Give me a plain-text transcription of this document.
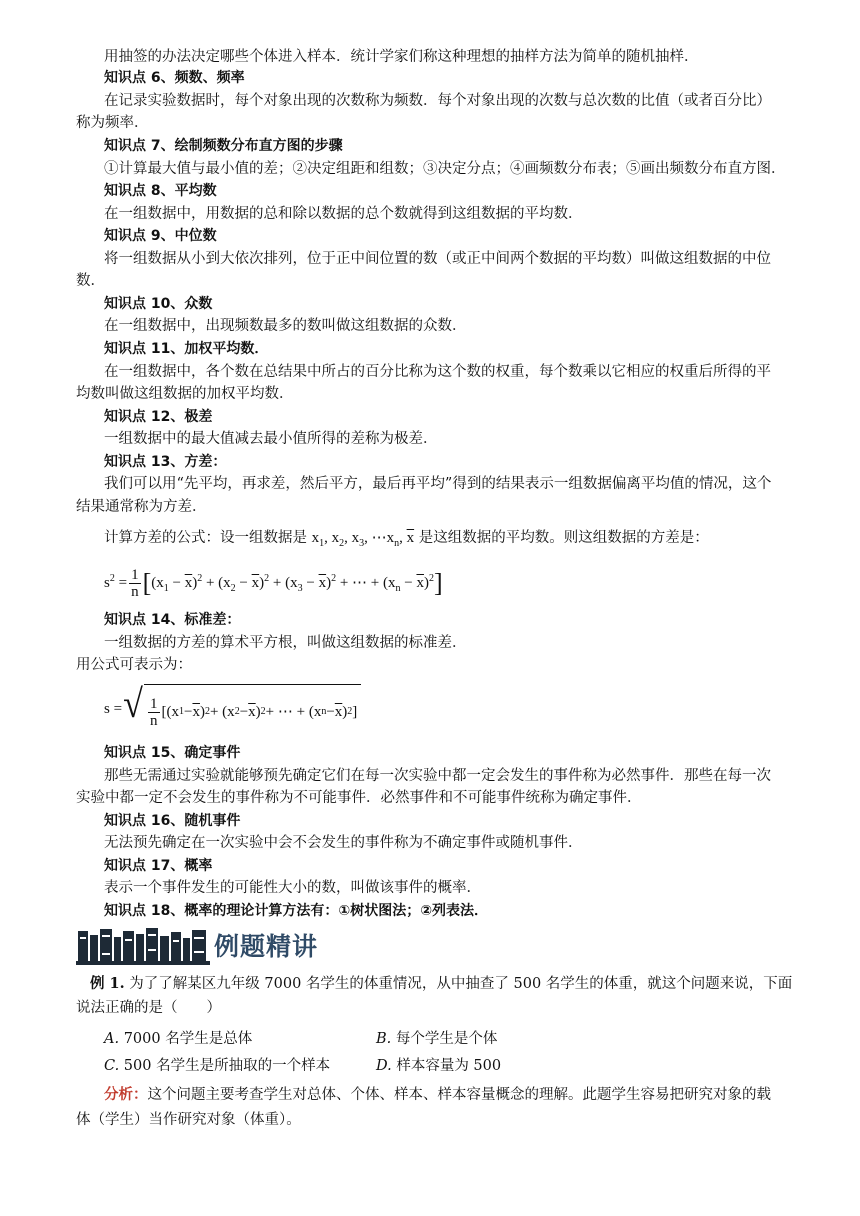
用抽签的办法决定哪些个体进入样本．统计学家们称这种理想的抽样方法为简单的随机抽样．
知识点 6、频数、频率
在记录实验数据时，每个对象出现的次数称为频数．每个对象出现的次数与总次数的比值（或者百分比）
称为频率．
知识点 7、绘制频数分布直方图的步骤
①计算最大值与最小值的差；②决定组距和组数；③决定分点；④画频数分布表；⑤画出频数分布直方图．
知识点 8、平均数
在一组数据中，用数据的总和除以数据的总个数就得到这组数据的平均数．
知识点 9、中位数
将一组数据从小到大依次排列，位于正中间位置的数（或正中间两个数据的平均数）叫做这组数据的中位
数．
知识点 10、众数
在一组数据中，出现频数最多的数叫做这组数据的众数．
知识点 11、加权平均数．
在一组数据中，各个数在总结果中所占的百分比称为这个数的权重，每个数乘以它相应的权重后所得的平
均数叫做这组数据的加权平均数．
知识点 12、极差
一组数据中的最大值减去最小值所得的差称为极差．
知识点 13、方差：
我们可以用“先平均，再求差，然后平方，最后再平均”得到的结果表示一组数据偏离平均值的情况，这个
结果通常称为方差．
计算方差的公式：设一组数据是 $x_1$, $x_2$, $x_3$, $\cdots x_n$, $\overline{x}$ 是这组数据的平均数。则这组数据的方差是：
$s^2 = \frac{1}{n} [(x_1 - \overline{x})^2 + (x_2 - \overline{x})^2 + (x_3 - \overline{x})^2$ + ⋯ + $(x_n - \overline{x})^2$]
知识点 14、标准差：
一组数据的方差的算术平方根，叫做这组数据的标准差．
用公式可表示为：
s = √ $\frac{1}{n} [(x$ $1 - \overline{x}$ ) 2 + (x $2 - \overline{x}$ ) 2 + ⋯ + (x $n - \overline{x}$ ) 2 ]
知识点 15、确定事件
那些无需通过实验就能够预先确定它们在每一次实验中都一定会发生的事件称为必然事件．那些在每一次
实验中都一定不会发生的事件称为不可能事件．必然事件和不可能事件统称为确定事件．
知识点 16、随机事件
无法预先确定在一次实验中会不会发生的事件称为不确定事件或随机事件．
知识点 17、概率
表示一个事件发生的可能性大小的数，叫做该事件的概率．
知识点 18、概率的理论计算方法有：①树状图法；②列表法．
例题精讲
例 1. 为了了解某区九年级 7000 名学生的体重情况，从中抽查了 500 名学生的体重，就这个问题来说，下面
说法正确的是（　　）
A. 7000 名学生是总体	B. 每个学生是个体
C. 500 名学生是所抽取的一个样本	D. 样本容量为 500
分析：这个问题主要考查学生对总体、个体、样本、样本容量概念的理解。此题学生容易把研究对象的载
体（学生）当作研究对象（体重）。
